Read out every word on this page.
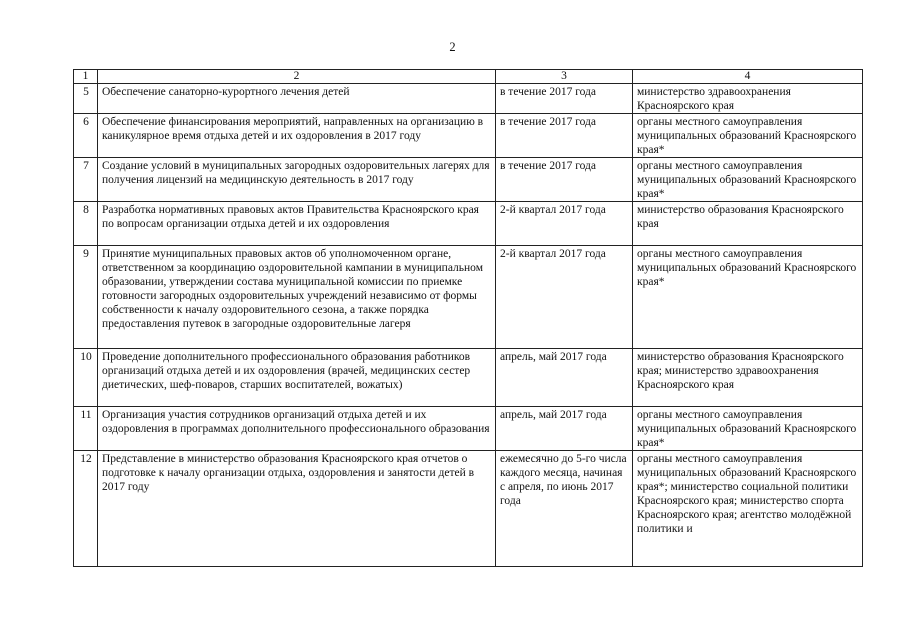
2
1	2	3	4
5	Обеспечение санаторно-курортного лечения детей	в течение 2017 года	министерство здравоохранения Красноярского края
6	Обеспечение финансирования мероприятий, направленных на организацию в каникулярное время отдыха детей и их оздоровления в 2017 году	в течение 2017 года	органы местного самоуправления муниципальных образований Красноярского края*
7	Создание условий в муниципальных загородных оздоровительных лагерях для получения лицензий на медицинскую деятельность в 2017 году	в течение 2017 года	органы местного самоуправления муниципальных образований Красноярского края*
8	Разработка нормативных правовых актов Правительства Красноярского края по вопросам организации отдыха детей и их оздоровления	2-й квартал 2017 года	министерство образования Красноярского края
9	Принятие муниципальных правовых актов об уполномоченном органе, ответственном за координацию оздоровительной кампании в муниципальном образовании, утверждении состава муниципальной комиссии по приемке готовности загородных оздоровительных учреждений независимо от формы собственности к началу оздоровительного сезона, а также порядка предоставления путевок в загородные оздоровительные лагеря	2-й квартал 2017 года	органы местного самоуправления муниципальных образований Красноярского края*
10	Проведение дополнительного профессионального образования работников организаций отдыха детей и их оздоровления (врачей, медицинских сестер диетических, шеф-поваров, старших воспитателей, вожатых)	апрель, май 2017 года	министерство образования Красноярского края; министерство здравоохранения Красноярского края
11	Организация участия сотрудников организаций отдыха детей и их оздоровления в программах дополнительного профессионального образования	апрель, май 2017 года	органы местного самоуправления муниципальных образований Красноярского края*
12	Представление в министерство образования Красноярского края отчетов о подготовке к началу организации отдыха, оздоровления и занятости детей в 2017 году	ежемесячно до 5-го числа каждого месяца, начиная с апреля, по июнь 2017 года	органы местного самоуправления муниципальных образований Красноярского края*; министерство социальной политики Красноярского края; министерство спорта Красноярского края; агентство молодёжной политики и
